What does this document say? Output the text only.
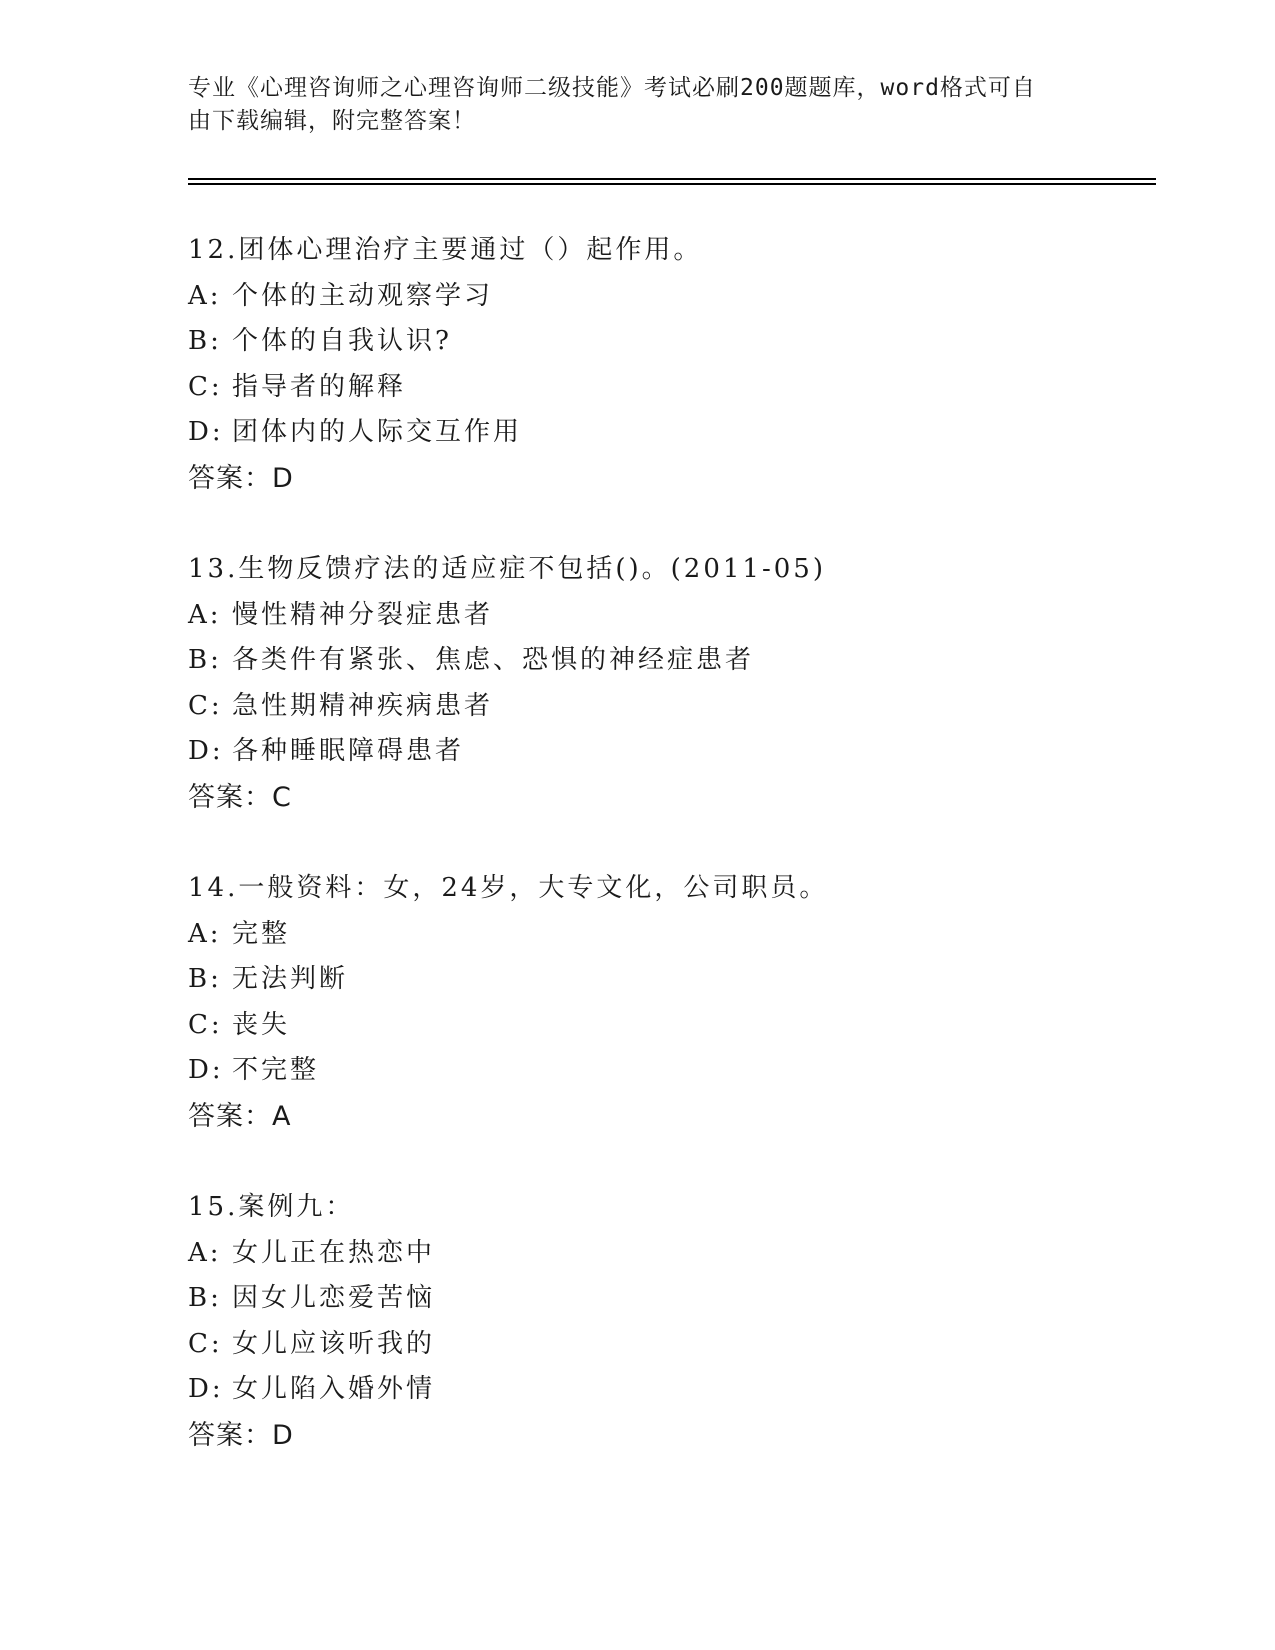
专业《心理咨询师之心理咨询师二级技能》考试必刷200题题库，word格式可自
由下载编辑，附完整答案！
12.团体心理治疗主要通过（）起作用。
A: 个体的主动观察学习
B: 个体的自我认识?
C: 指导者的解释
D: 团体内的人际交互作用
答案：D
13.生物反馈疗法的适应症不包括()。(2011-05)
A: 慢性精神分裂症患者
B: 各类件有紧张、焦虑、恐惧的神经症患者
C: 急性期精神疾病患者
D: 各种睡眠障碍患者
答案：C
14.一般资料：女，24岁，大专文化，公司职员。
A: 完整
B: 无法判断
C: 丧失
D: 不完整
答案：A
15.案例九：
A: 女儿正在热恋中
B: 因女儿恋爱苦恼
C: 女儿应该听我的
D: 女儿陷入婚外情
答案：D
